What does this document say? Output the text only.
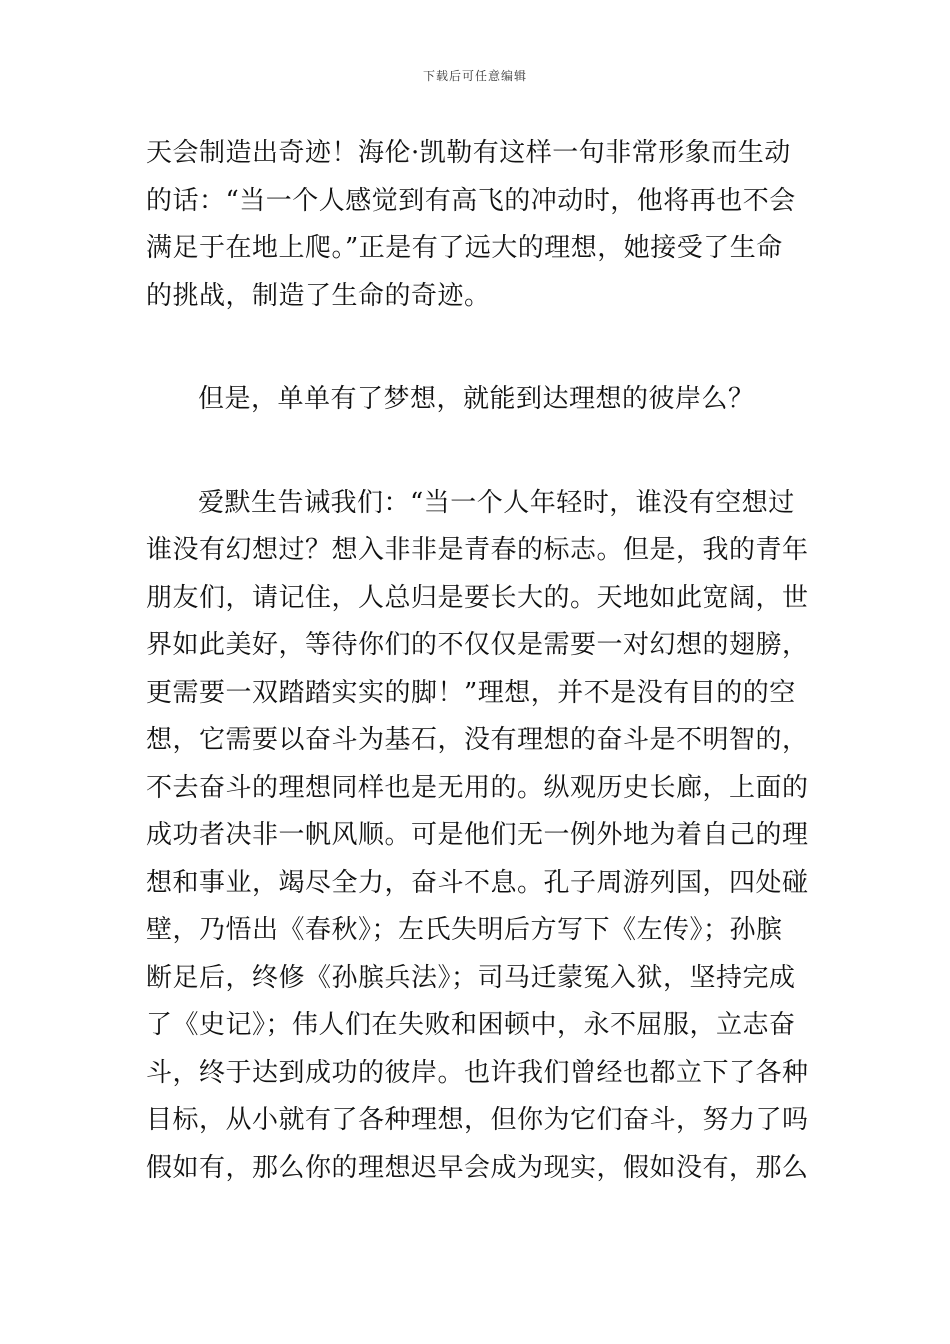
下载后可任意编辑
天会制造出奇迹！海伦·凯勒有这样一句非常形象而生动
的话：“当一个人感觉到有高飞的冲动时，他将再也不会
满足于在地上爬。”正是有了远大的理想，她接受了生命
的挑战，制造了生命的奇迹。
但是，单单有了梦想，就能到达理想的彼岸么？
爱默生告诫我们：“当一个人年轻时，谁没有空想过
谁没有幻想过？想入非非是青春的标志。但是，我的青年
朋友们，请记住，人总归是要长大的。天地如此宽阔，世
界如此美好，等待你们的不仅仅是需要一对幻想的翅膀，
更需要一双踏踏实实的脚！”理想，并不是没有目的的空
想，它需要以奋斗为基石，没有理想的奋斗是不明智的，
不去奋斗的理想同样也是无用的。纵观历史长廊，上面的
成功者决非一帆风顺。可是他们无一例外地为着自己的理
想和事业，竭尽全力，奋斗不息。孔子周游列国，四处碰
壁，乃悟出《春秋》；左氏失明后方写下《左传》；孙膑
断足后，终修《孙膑兵法》；司马迁蒙冤入狱，坚持完成
了《史记》；伟人们在失败和困顿中，永不屈服，立志奋
斗，终于达到成功的彼岸。也许我们曾经也都立下了各种
目标，从小就有了各种理想，但你为它们奋斗，努力了吗
假如有，那么你的理想迟早会成为现实，假如没有，那么
